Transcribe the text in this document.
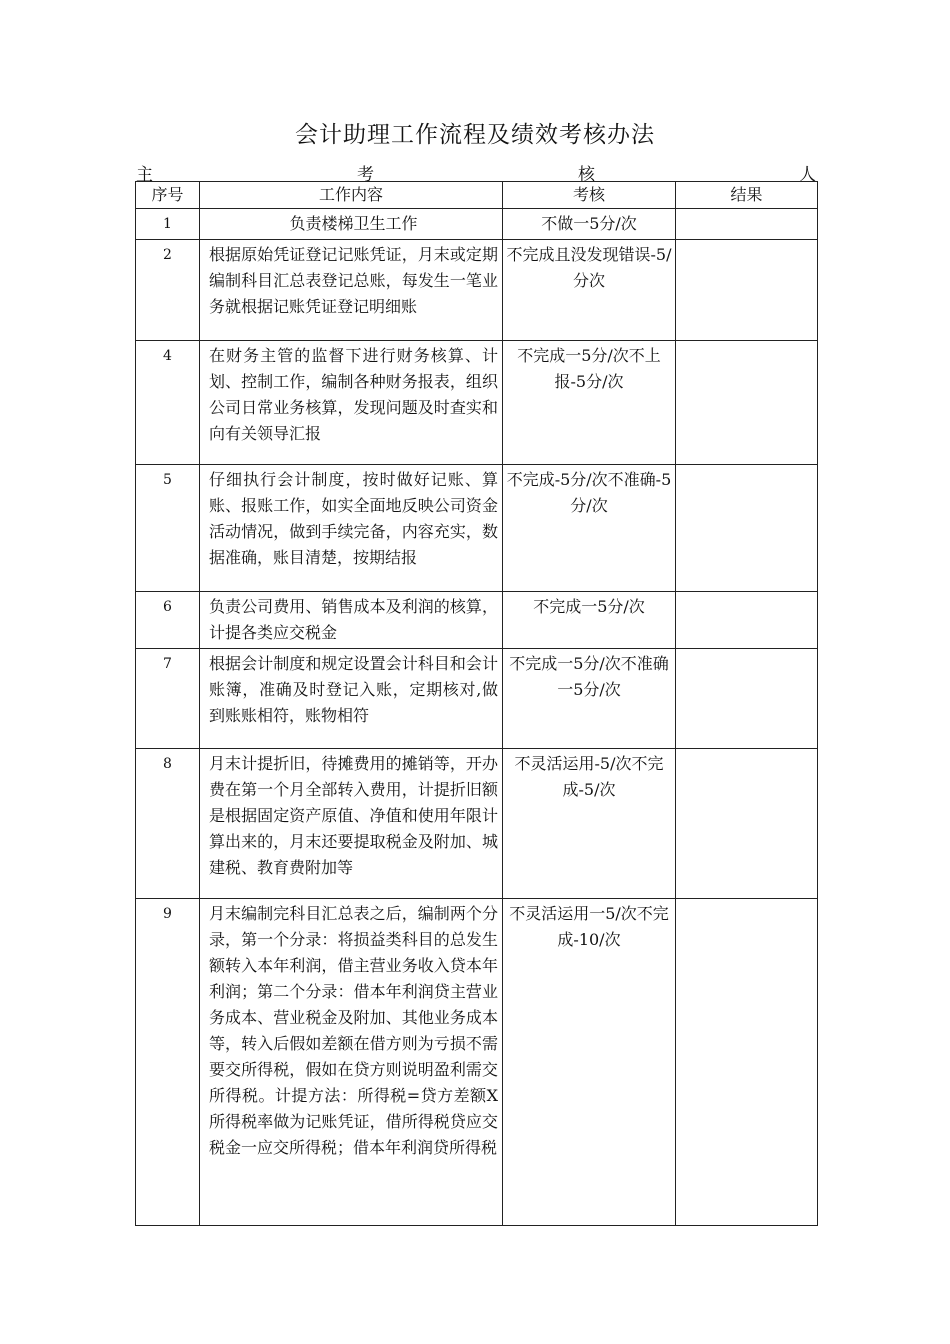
会计助理工作流程及绩效考核办法
主	考	核	人
序号	工作内容	考核	结果
1	负责楼梯卫生工作	不做一5分/次	
2	根据原始凭证登记记账凭证，月末或定期编制科目汇总表登记总账，每发生一笔业务就根据记账凭证登记明细账	不完成且没发现错误-5/分次	
4	在财务主管的监督下进行财务核算、计划、控制工作，编制各种财务报表，组织公司日常业务核算，发现问题及时查实和向有关领导汇报	不完成一5分/次不上报-5分/次	
5	仔细执行会计制度，按时做好记账、算账、报账工作，如实全面地反映公司资金活动情况，做到手续完备，内容充实，数据准确，账目清楚，按期结报	不完成-5分/次不准确-5分/次	
6	负责公司费用、销售成本及利润的核算，计提各类应交税金	不完成一5分/次	
7	根据会计制度和规定设置会计科目和会计账簿，准确及时登记入账，定期核对,做到账账相符，账物相符	不完成一5分/次不准确一5分/次	
8	月末计提折旧，待摊费用的摊销等，开办费在第一个月全部转入费用，计提折旧额是根据固定资产原值、净值和使用年限计算出来的，月末还要提取税金及附加、城建税、教育费附加等	不灵活运用-5/次不完成-5/次	
9	月末编制完科目汇总表之后，编制两个分录，第一个分录：将损益类科目的总发生额转入本年利润，借主营业务收入贷本年利润；第二个分录：借本年利润贷主营业务成本、营业税金及附加、其他业务成本等，转入后假如差额在借方则为亏损不需要交所得税，假如在贷方则说明盈利需交所得税。计提方法：所得税=贷方差额X所得税率做为记账凭证，借所得税贷应交税金一应交所得税；借本年利润贷所得税	不灵活运用一5/次不完成-10/次	
